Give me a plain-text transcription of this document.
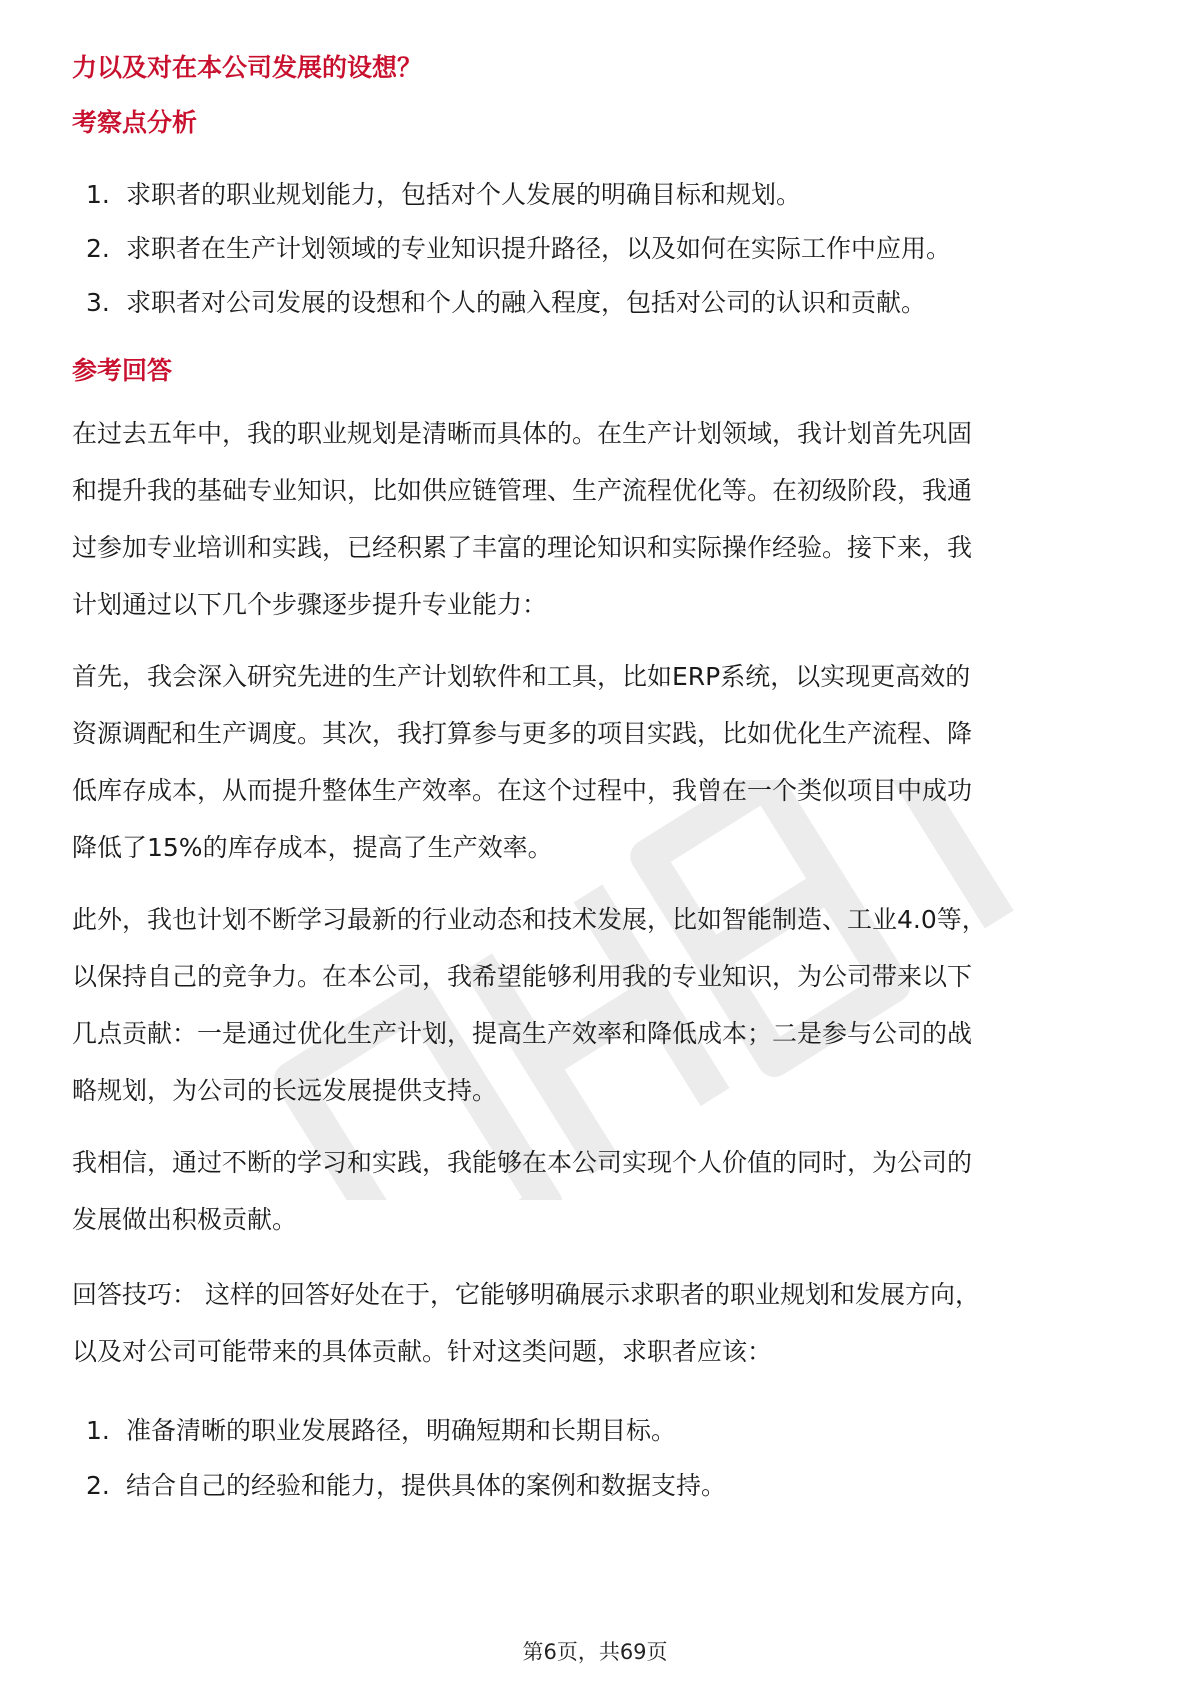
力以及对在本公司发展的设想？
考察点分析
1. 求职者的职业规划能力，包括对个人发展的明确目标和规划。
2. 求职者在生产计划领域的专业知识提升路径，以及如何在实际工作中应用。
3. 求职者对公司发展的设想和个人的融入程度，包括对公司的认识和贡献。
参考回答
在过去五年中，我的职业规划是清晰而具体的。在生产计划领域，我计划首先巩固
和提升我的基础专业知识，比如供应链管理、生产流程优化等。在初级阶段，我通
过参加专业培训和实践，已经积累了丰富的理论知识和实际操作经验。接下来，我
计划通过以下几个步骤逐步提升专业能力：
首先，我会深入研究先进的生产计划软件和工具，比如ERP系统，以实现更高效的
资源调配和生产调度。其次，我打算参与更多的项目实践，比如优化生产流程、降
低库存成本，从而提升整体生产效率。在这个过程中，我曾在一个类似项目中成功
降低了15%的库存成本，提高了生产效率。
此外，我也计划不断学习最新的行业动态和技术发展，比如智能制造、工业4.0等，
以保持自己的竞争力。在本公司，我希望能够利用我的专业知识，为公司带来以下
几点贡献：一是通过优化生产计划，提高生产效率和降低成本；二是参与公司的战
略规划，为公司的长远发展提供支持。
我相信，通过不断的学习和实践，我能够在本公司实现个人价值的同时，为公司的
发展做出积极贡献。
回答技巧： 这样的回答好处在于，它能够明确展示求职者的职业规划和发展方向，
以及对公司可能带来的具体贡献。针对这类问题，求职者应该：
1. 准备清晰的职业发展路径，明确短期和长期目标。
2. 结合自己的经验和能力，提供具体的案例和数据支持。
第6页，共69页
